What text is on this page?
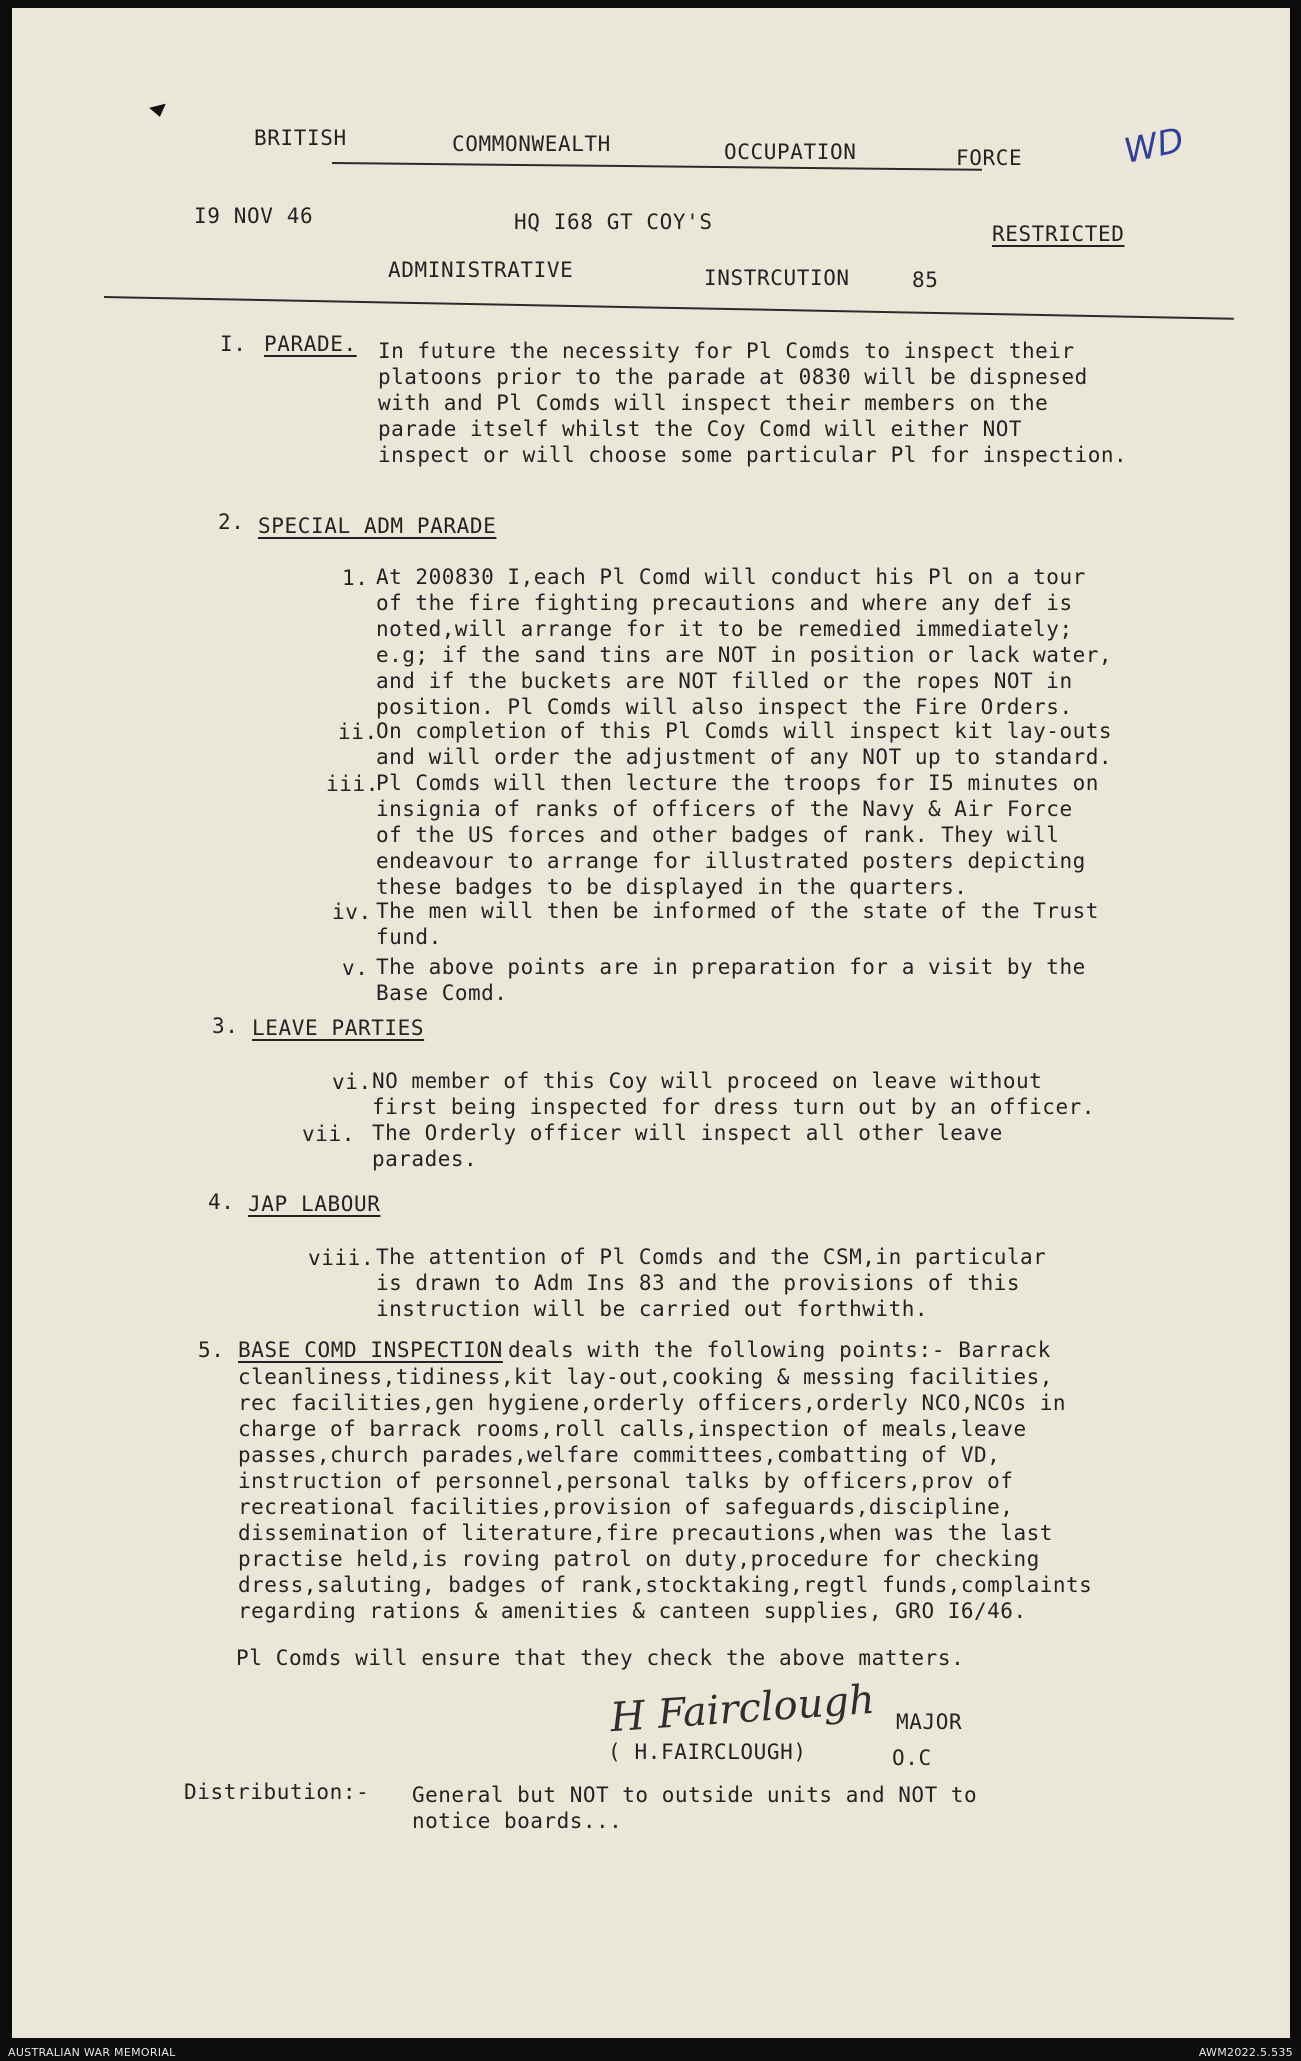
BRITISH	COMMONWEALTH	OCCUPATION	FORCE	WD
I9 NOV 46	HQ I68 GT COY'S	RESTRICTED
ADMINISTRATIVE	INSTRCUTION	85
I. PARADE. In future the necessity for Pl Comds to inspect their
platoons prior to the parade at 0830 will be dispnesed
with and Pl Comds will inspect their members on the
parade itself whilst the Coy Comd will either NOT
inspect or will choose some particular Pl for inspection.
2. SPECIAL ADM PARADE
1. At 200830 I,each Pl Comd will conduct his Pl on a tour
of the fire fighting precautions and where any def is
noted,will arrange for it to be remedied immediately;
e.g; if the sand tins are NOT in position or lack water,
and if the buckets are NOT filled or the ropes NOT in
position. Pl Comds will also inspect the Fire Orders.
ii.
On completion of this Pl Comds will inspect kit lay-outs
and will order the adjustment of any NOT up to standard.
iii.
Pl Comds will then lecture the troops for I5 minutes on
insignia of ranks of officers of the Navy & Air Force
of the US forces and other badges of rank. They will
endeavour to arrange for illustrated posters depicting
these badges to be displayed in the quarters.
iv. The men will then be informed of the state of the Trust
fund.
v. The above points are in preparation for a visit by the
Base Comd.
3. LEAVE PARTIES
vi. NO member of this Coy will proceed on leave without
first being inspected for dress turn out by an officer.
vii. The Orderly officer will inspect all other leave
parades.
4. JAP LABOUR
viii. The attention of Pl Comds and the CSM,in particular
is drawn to Adm Ins 83 and the provisions of this
instruction will be carried out forthwith.
5. BASE COMD INSPECTION deals with the following points:- Barrack
cleanliness,tidiness,kit lay-out,cooking & messing facilities,
rec facilities,gen hygiene,orderly officers,orderly NCO,NCOs in
charge of barrack rooms,roll calls,inspection of meals,leave
passes,church parades,welfare committees,combatting of VD,
instruction of personnel,personal talks by officers,prov of
recreational facilities,provision of safeguards,discipline,
dissemination of literature,fire precautions,when was the last
practise held,is roving patrol on duty,procedure for checking
dress,saluting, badges of rank,stocktaking,regtl funds,complaints
regarding rations & amenities & canteen supplies, GRO I6/46.
Pl Comds will ensure that they check the above matters.
H Fairclough
( H.FAIRCLOUGH)
MAJOR
O.C
Distribution:- General but NOT to outside units and NOT to
notice boards...
AUSTRALIAN WAR MEMORIAL	AWM2022.5.535
